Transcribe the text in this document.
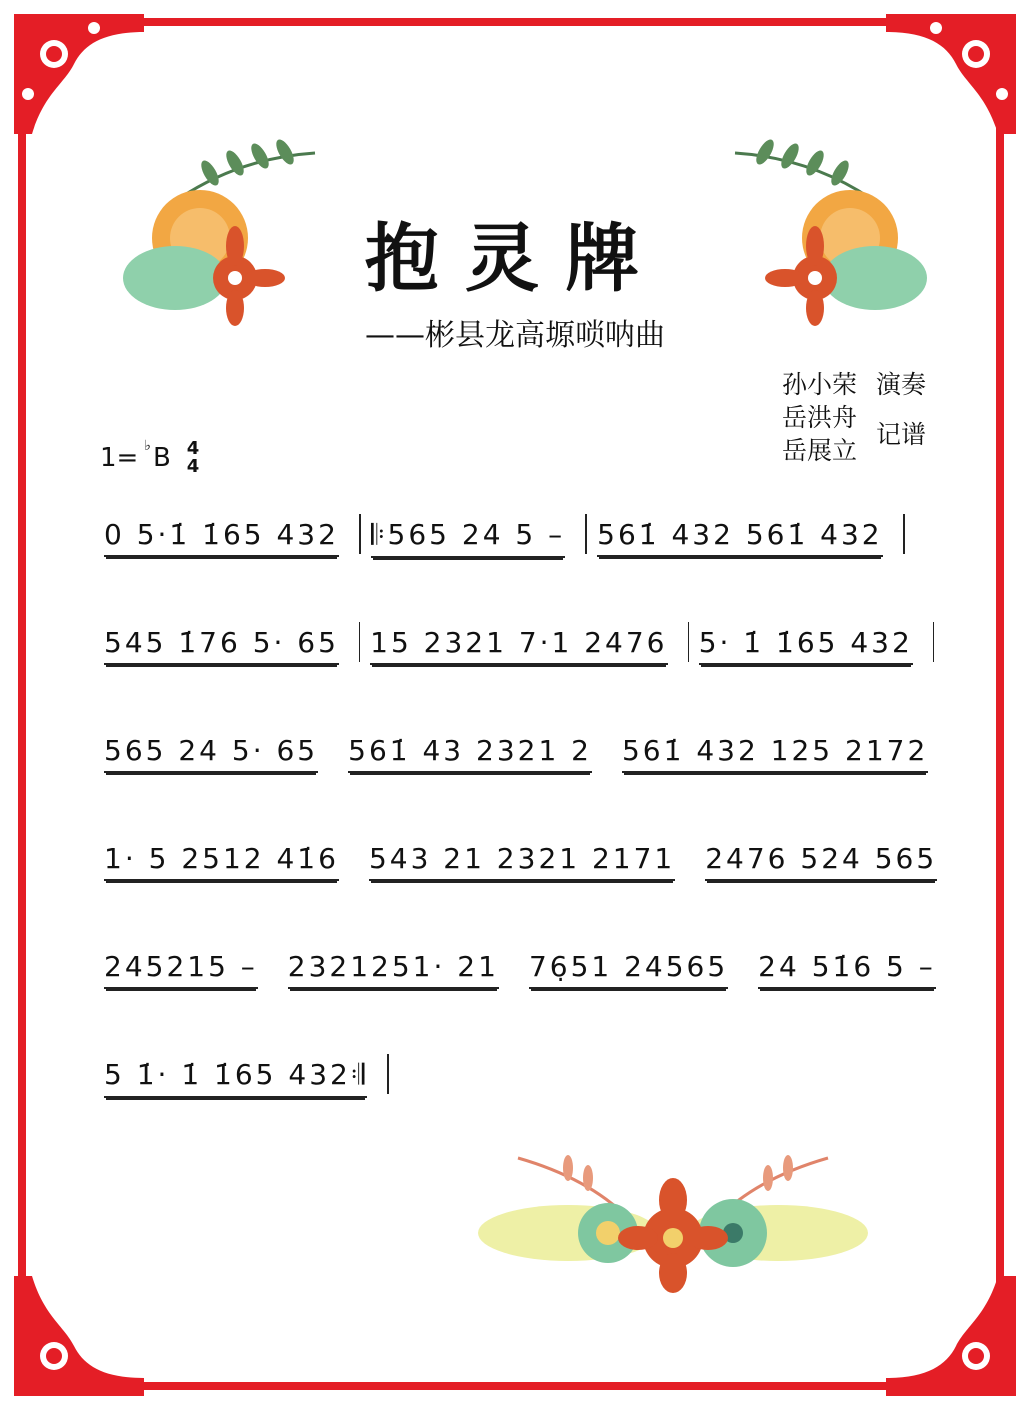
抱灵牌
——彬县龙高塬唢呐曲
孙小荣 演奏
岳洪舟
岳展立
记谱
1= ♭ B 4
4
0 5·1̇ 1̇65 432 𝄆565 24 5 – 561̇ 432 561̇ 432
545 1̇76 5· 65 15 2321 7·1 2476 5· 1̇ 1̇65 432
565 24 5· 65 561̇ 43 2321 2 561̇ 432 125 2172
1· 5 2512 41̇6 543 21 2321 2171 2476 524 565
245215 – 2321251· 21 76̣51 24565 24 51̇6 5 –
5 1̇· 1̇ 1̇65 432𝄇
